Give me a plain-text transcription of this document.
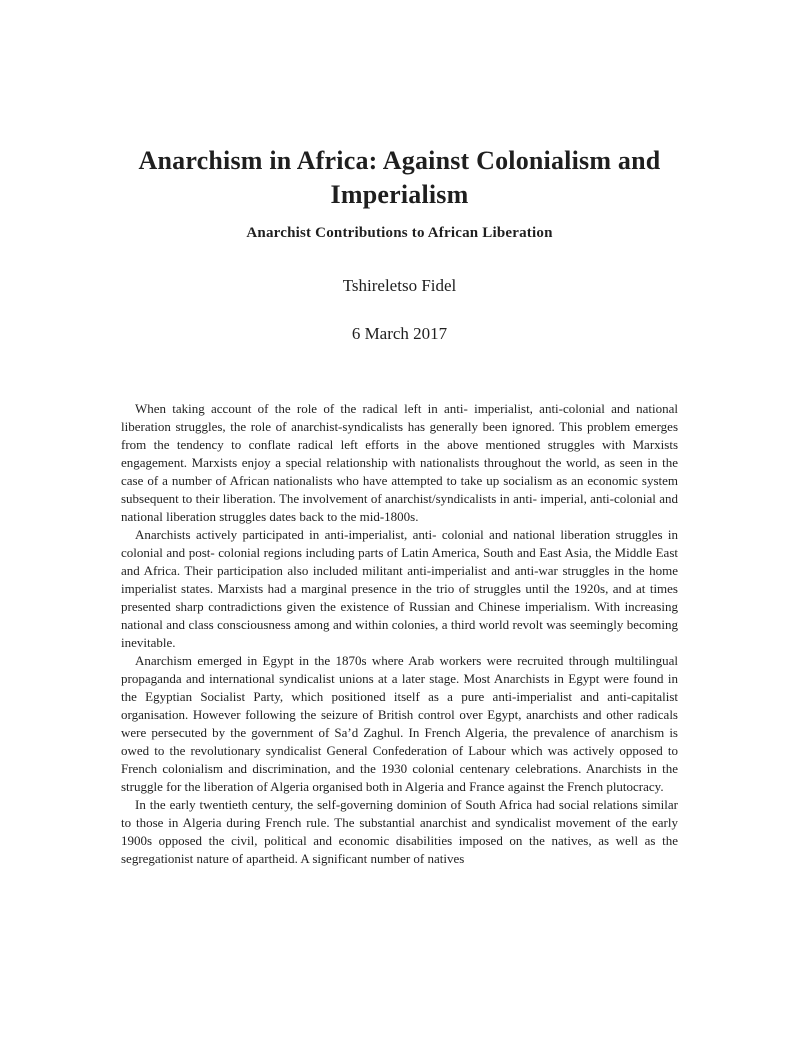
Anarchism in Africa: Against Colonialism and Imperialism
Anarchist Contributions to African Liberation
Tshireletso Fidel
6 March 2017

When taking account of the role of the radical left in anti- imperialist, anti-colonial and national liberation struggles, the role of anarchist-syndicalists has generally been ignored. This problem emerges from the tendency to conflate radical left efforts in the above mentioned struggles with Marxists engagement. Marxists enjoy a special relationship with nationalists throughout the world, as seen in the case of a number of African nationalists who have attempted to take up socialism as an economic system subsequent to their liberation. The involvement of anarchist/syndicalists in anti- imperial, anti-colonial and national liberation struggles dates back to the mid-1800s.

Anarchists actively participated in anti-imperialist, anti- colonial and national liberation struggles in colonial and post- colonial regions including parts of Latin America, South and East Asia, the Middle East and Africa. Their participation also included militant anti-imperialist and anti-war struggles in the home imperialist states. Marxists had a marginal presence in the trio of struggles until the 1920s, and at times presented sharp contradictions given the existence of Russian and Chinese imperialism. With increasing national and class consciousness among and within colonies, a third world revolt was seemingly becoming inevitable.

Anarchism emerged in Egypt in the 1870s where Arab workers were recruited through multilingual propaganda and international syndicalist unions at a later stage. Most Anarchists in Egypt were found in the Egyptian Socialist Party, which positioned itself as a pure anti-imperialist and anti-capitalist organisation. However following the seizure of British control over Egypt, anarchists and other radicals were persecuted by the government of Sa’d Zaghul. In French Algeria, the prevalence of anarchism is owed to the revolutionary syndicalist General Confederation of Labour which was actively opposed to French colonialism and discrimination, and the 1930 colonial centenary celebrations. Anarchists in the struggle for the liberation of Algeria organised both in Algeria and France against the French plutocracy.

In the early twentieth century, the self-governing dominion of South Africa had social relations similar to those in Algeria during French rule. The substantial anarchist and syndicalist movement of the early 1900s opposed the civil, political and economic disabilities imposed on the natives, as well as the segregationist nature of apartheid. A significant number of natives
